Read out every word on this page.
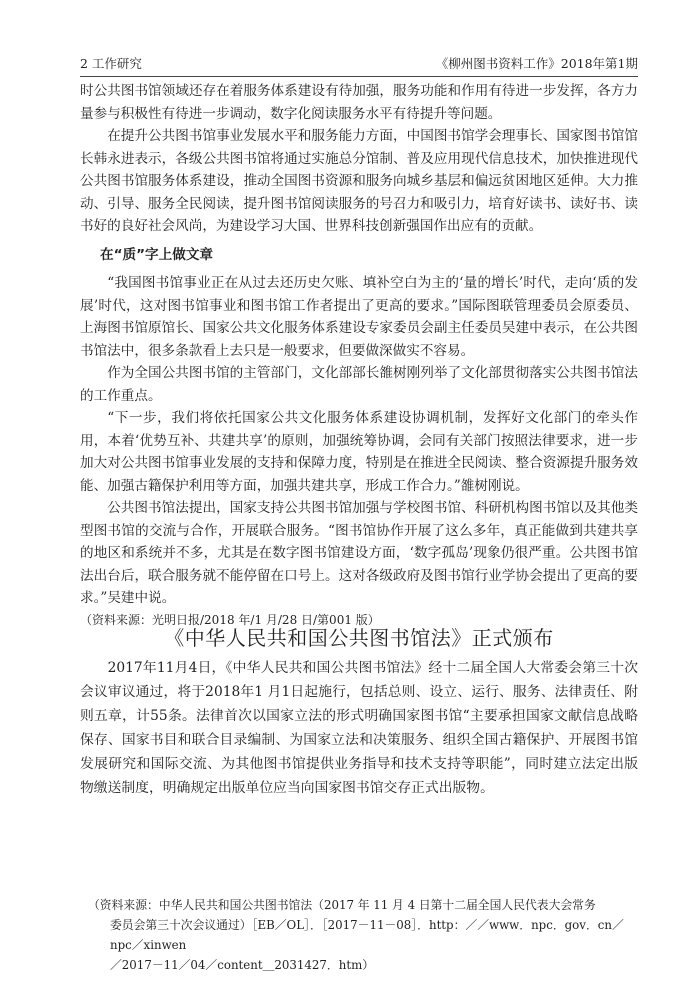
2 工作研究	《柳州图书资料工作》2018年第1期

时公共图书馆领域还存在着服务体系建设有待加强，服务功能和作用有待进一步发挥，各方力量参与积极性有待进一步调动，数字化阅读服务水平有待提升等问题。

在提升公共图书馆事业发展水平和服务能力方面，中国图书馆学会理事长、国家图书馆馆长韩永进表示，各级公共图书馆将通过实施总分馆制、普及应用现代信息技术，加快推进现代公共图书馆服务体系建设，推动全国图书资源和服务向城乡基层和偏远贫困地区延伸。大力推动、引导、服务全民阅读，提升图书馆阅读服务的号召力和吸引力，培育好读书、读好书、读书好的良好社会风尚，为建设学习大国、世界科技创新强国作出应有的贡献。

在“质”字上做文章

“我国图书馆事业正在从过去还历史欠账、填补空白为主的‘量的增长’时代，走向‘质的发展’时代，这对图书馆事业和图书馆工作者提出了更高的要求。”国际图联管理委员会原委员、上海图书馆原馆长、国家公共文化服务体系建设专家委员会副主任委员吴建中表示，在公共图书馆法中，很多条款看上去只是一般要求，但要做深做实不容易。

作为全国公共图书馆的主管部门，文化部部长雒树刚列举了文化部贯彻落实公共图书馆法的工作重点。

“下一步，我们将依托国家公共文化服务体系建设协调机制，发挥好文化部门的牵头作用，本着‘优势互补、共建共享’的原则，加强统筹协调，会同有关部门按照法律要求，进一步加大对公共图书馆事业发展的支持和保障力度，特别是在推进全民阅读、整合资源提升服务效能、加强古籍保护利用等方面，加强共建共享，形成工作合力。”雒树刚说。

公共图书馆法提出，国家支持公共图书馆加强与学校图书馆、科研机构图书馆以及其他类型图书馆的交流与合作，开展联合服务。“图书馆协作开展了这么多年，真正能做到共建共享的地区和系统并不多，尤其是在数字图书馆建设方面，‘数字孤岛’现象仍很严重。公共图书馆法出台后，联合服务就不能停留在口号上。这对各级政府及图书馆行业学协会提出了更高的要求。”吴建中说。

（资料来源：光明日报/2018 年/1 月/28 日/第001 版）

《中华人民共和国公共图书馆法》正式颁布

2017年11月4日，《中华人民共和国公共图书馆法》经十二届全国人大常委会第三十次会议审议通过，将于2018年1 月1日起施行，包括总则、设立、运行、服务、法律责任、附则五章，计55条。法律首次以国家立法的形式明确国家图书馆“主要承担国家文献信息战略保存、国家书目和联合目录编制、为国家立法和决策服务、组织全国古籍保护、开展图书馆发展研究和国际交流、为其他图书馆提供业务指导和技术支持等职能”，同时建立法定出版物缴送制度，明确规定出版单位应当向国家图书馆交存正式出版物。

（资料来源：中华人民共和国公共图书馆法（2017 年 11 月 4 日第十二届全国人民代表大会常务

委员会第三十次会议通过）［EB／OL］．［2017－11－08］．http：／／www．npc．gov．cn／npc／xinwen

／2017－11／04／content＿2031427．htm）
